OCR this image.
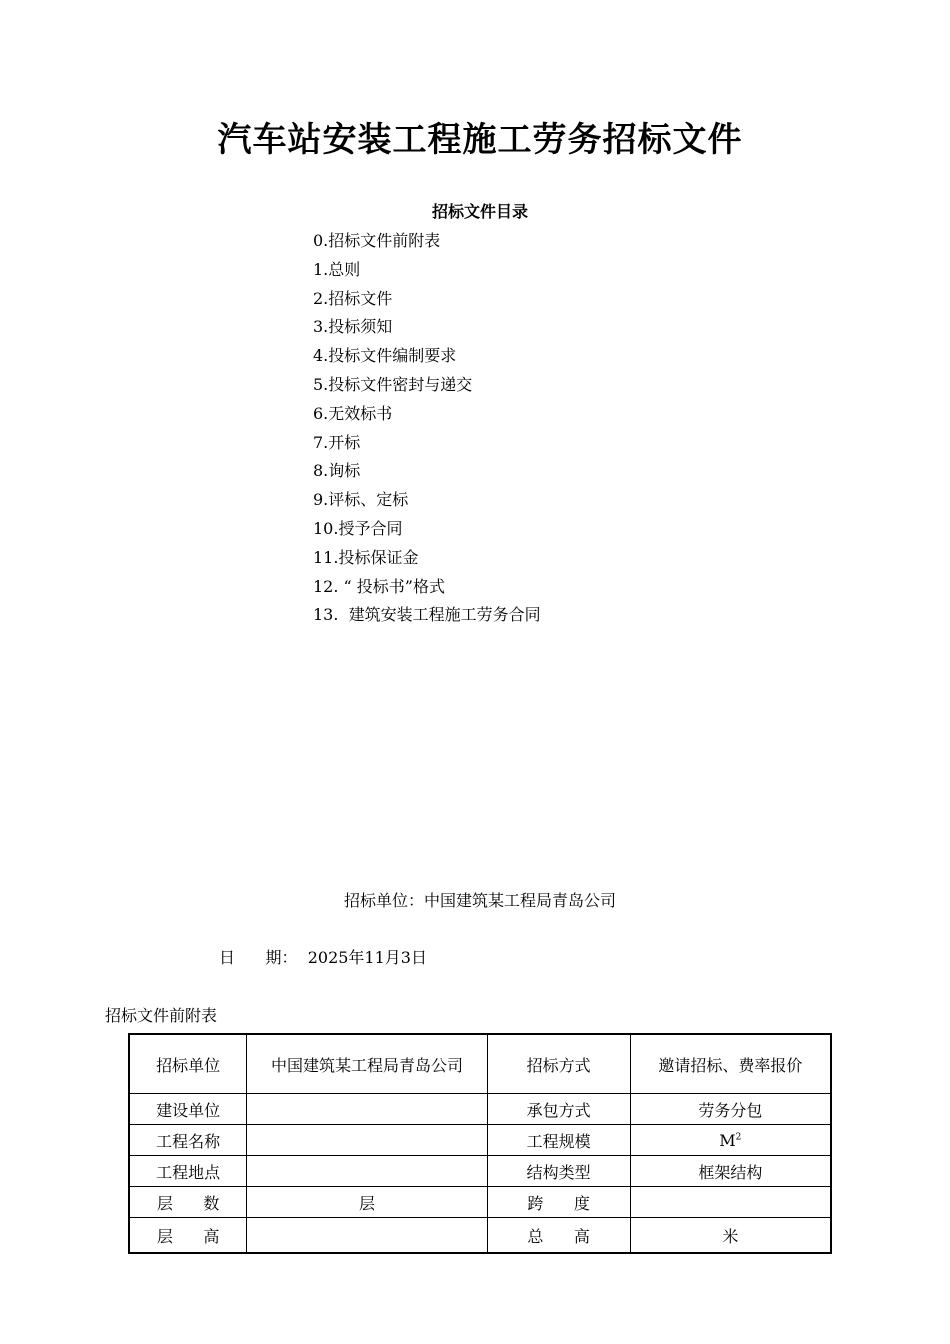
汽车站安装工程施工劳务招标文件
招标文件目录
0.招标文件前附表
1.总则
2.招标文件
3.投标须知
4.投标文件编制要求
5.投标文件密封与递交
6.无效标书
7.开标
8.询标
9.评标、定标
10.授予合同
11.投标保证金
12. “ 投标书”格式
13.  建筑安装工程施工劳务合同
招标单位：中国建筑某工程局青岛公司
日      期： 2025年11月3日
招标文件前附表
招标单位	中国建筑某工程局青岛公司	招标方式	邀请招标、费率报价
建设单位		承包方式	劳务分包
工程名称		工程规模	$M^2$
工程地点		结构类型	框架结构
层      数	层	跨      度	
层      高		总      高	米
